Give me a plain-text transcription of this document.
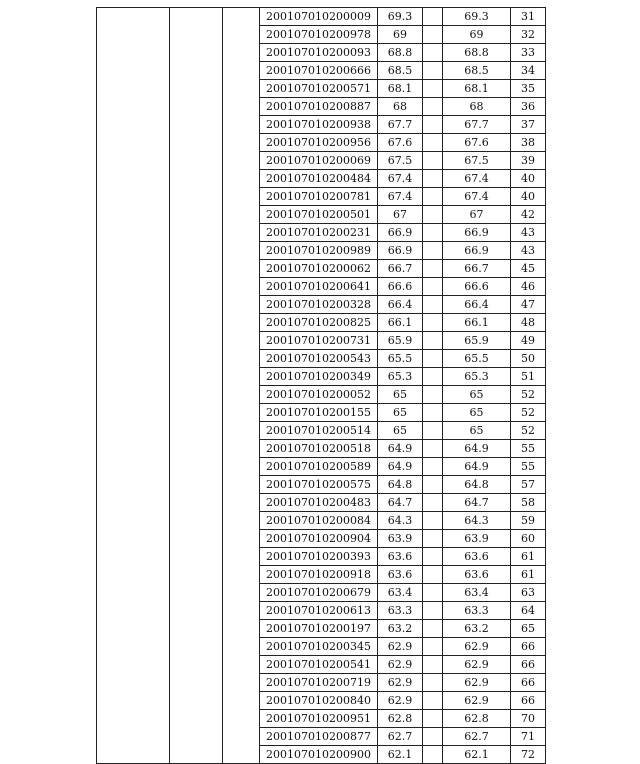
			200107010200009	69.3		69.3	31
			200107010200978	69		69	32
			200107010200093	68.8		68.8	33
			200107010200666	68.5		68.5	34
			200107010200571	68.1		68.1	35
			200107010200887	68		68	36
			200107010200938	67.7		67.7	37
			200107010200956	67.6		67.6	38
			200107010200069	67.5		67.5	39
			200107010200484	67.4		67.4	40
			200107010200781	67.4		67.4	40
			200107010200501	67		67	42
			200107010200231	66.9		66.9	43
			200107010200989	66.9		66.9	43
			200107010200062	66.7		66.7	45
			200107010200641	66.6		66.6	46
			200107010200328	66.4		66.4	47
			200107010200825	66.1		66.1	48
			200107010200731	65.9		65.9	49
			200107010200543	65.5		65.5	50
			200107010200349	65.3		65.3	51
			200107010200052	65		65	52
			200107010200155	65		65	52
			200107010200514	65		65	52
			200107010200518	64.9		64.9	55
			200107010200589	64.9		64.9	55
			200107010200575	64.8		64.8	57
			200107010200483	64.7		64.7	58
			200107010200084	64.3		64.3	59
			200107010200904	63.9		63.9	60
			200107010200393	63.6		63.6	61
			200107010200918	63.6		63.6	61
			200107010200679	63.4		63.4	63
			200107010200613	63.3		63.3	64
			200107010200197	63.2		63.2	65
			200107010200345	62.9		62.9	66
			200107010200541	62.9		62.9	66
			200107010200719	62.9		62.9	66
			200107010200840	62.9		62.9	66
			200107010200951	62.8		62.8	70
			200107010200877	62.7		62.7	71
			200107010200900	62.1		62.1	72
